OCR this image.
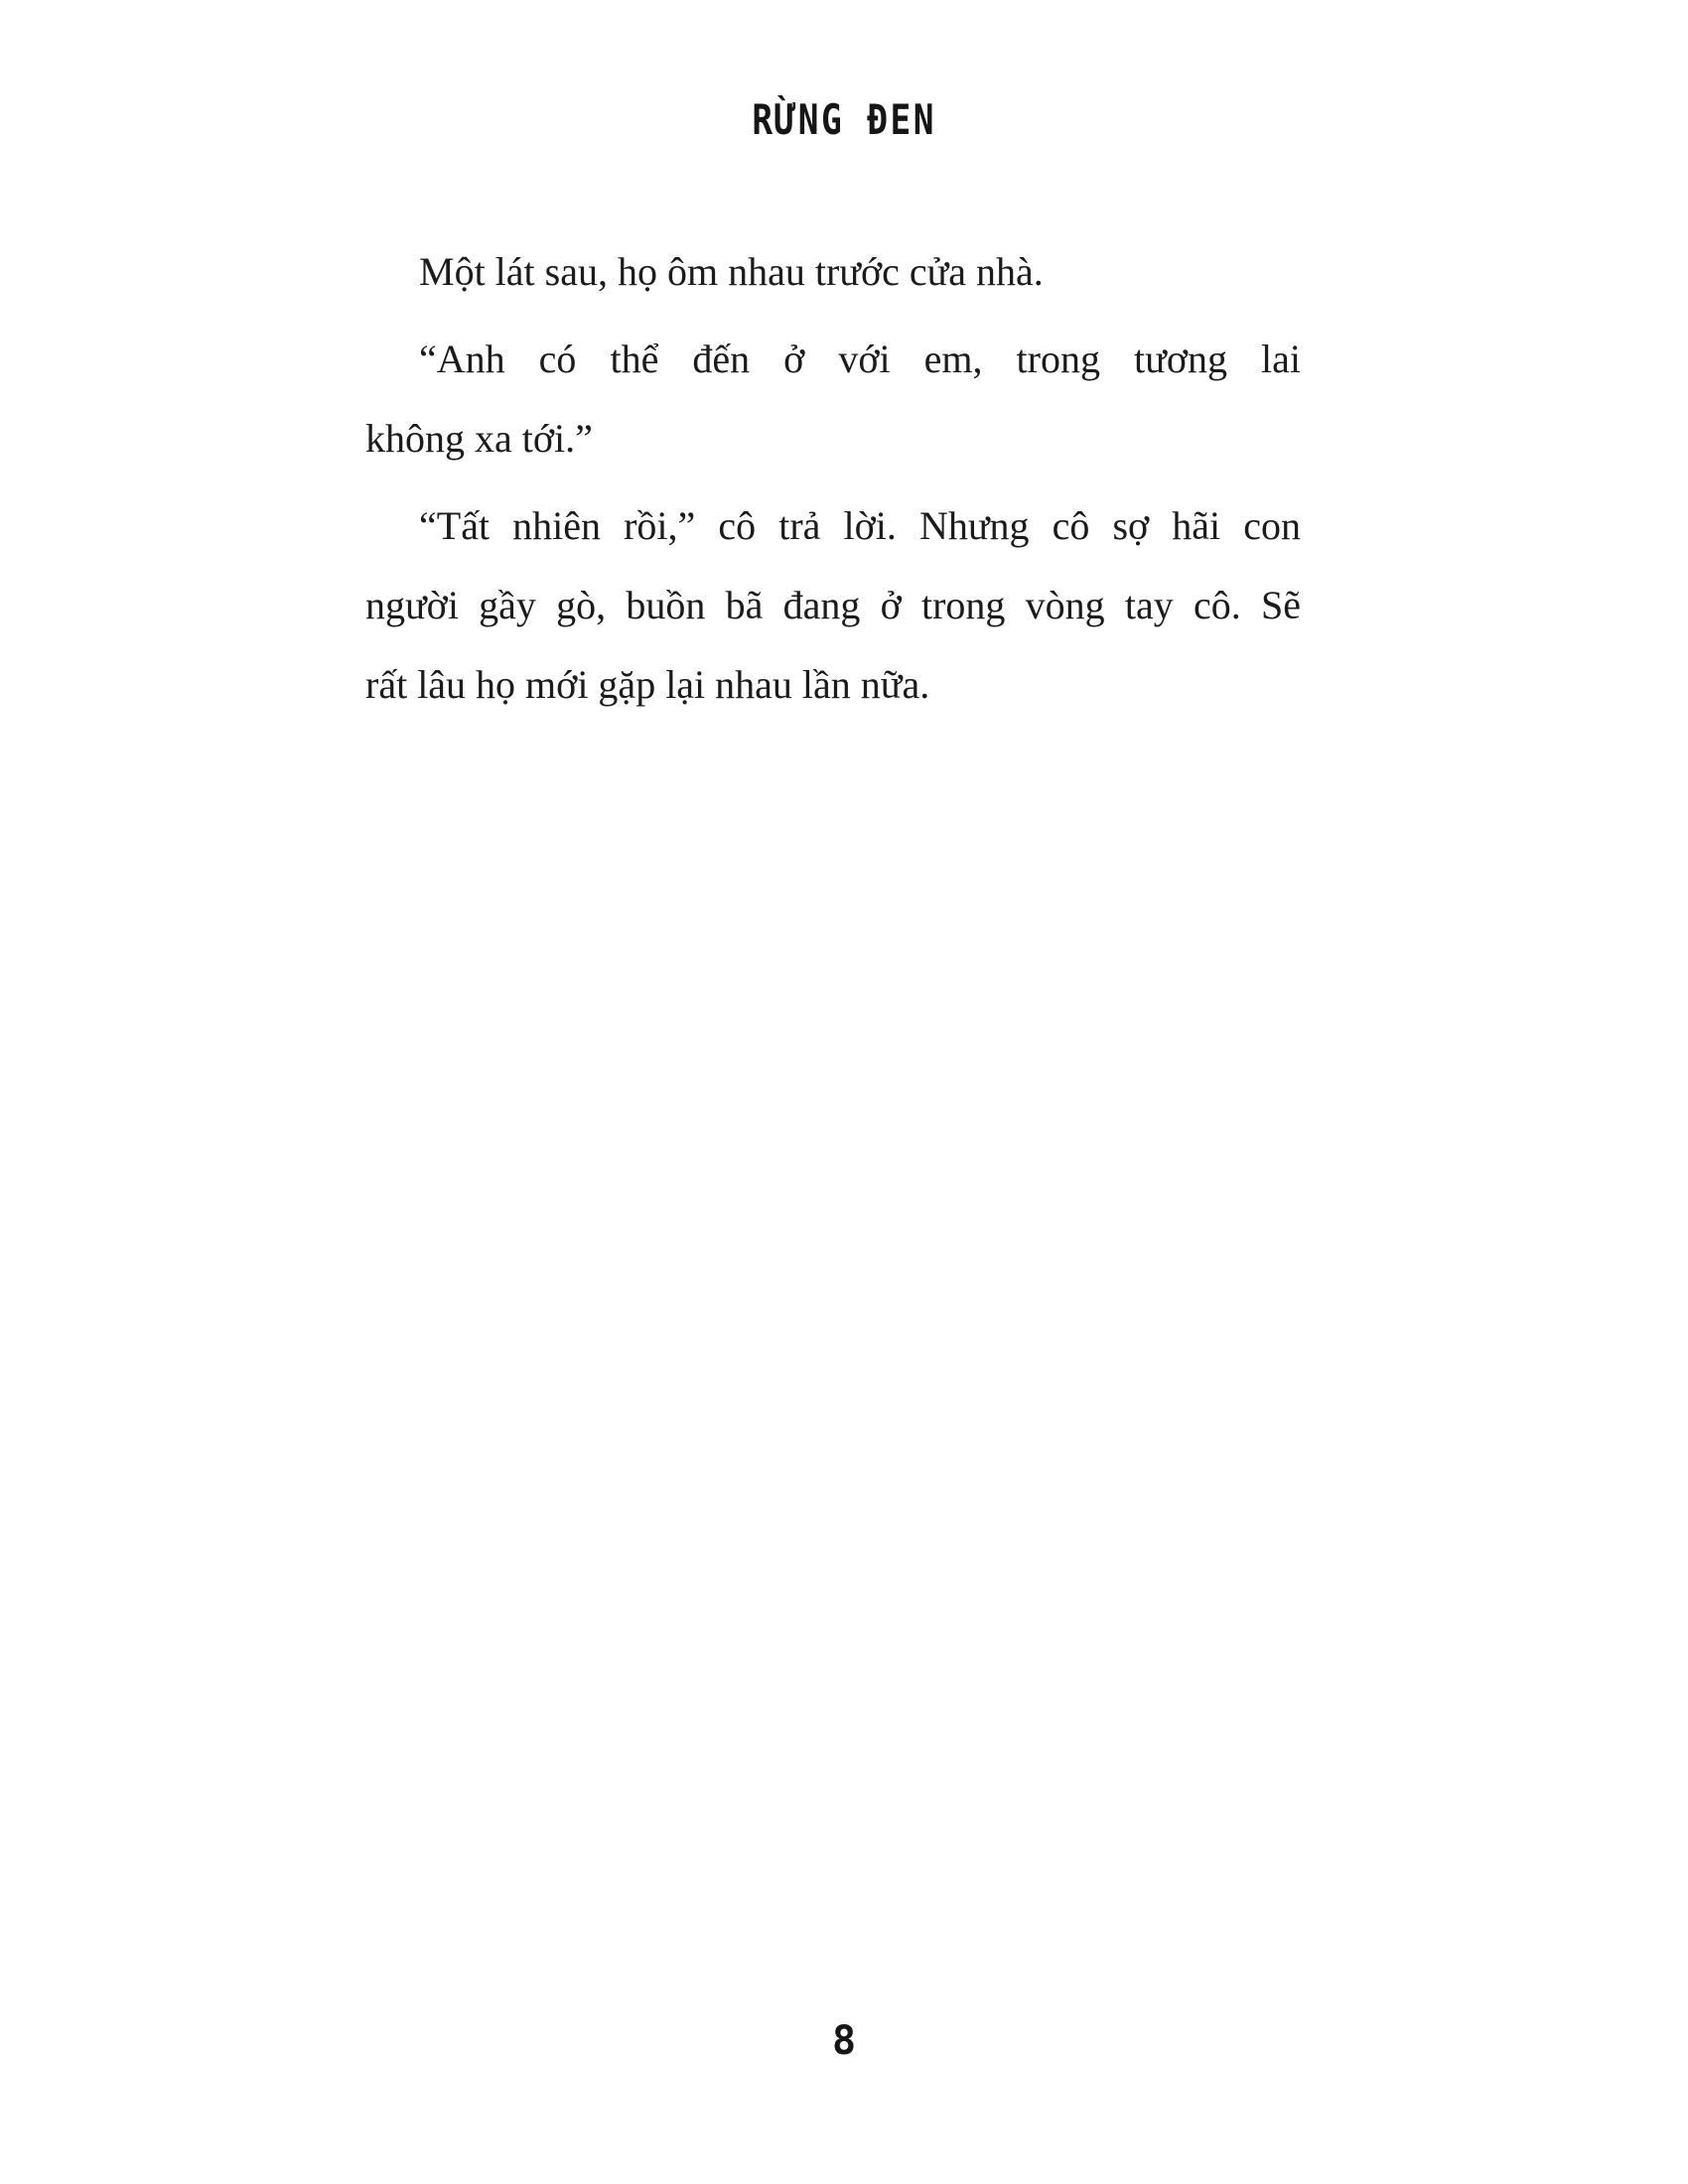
RỪNG ĐEN
Một lát sau, họ ôm nhau trước cửa nhà.
“Anh có thể đến ở với em, trong tương lai
không xa tới.”
“Tất nhiên rồi,” cô trả lời. Nhưng cô sợ hãi con
người gầy gò, buồn bã đang ở trong vòng tay cô. Sẽ
rất lâu họ mới gặp lại nhau lần nữa.
8
